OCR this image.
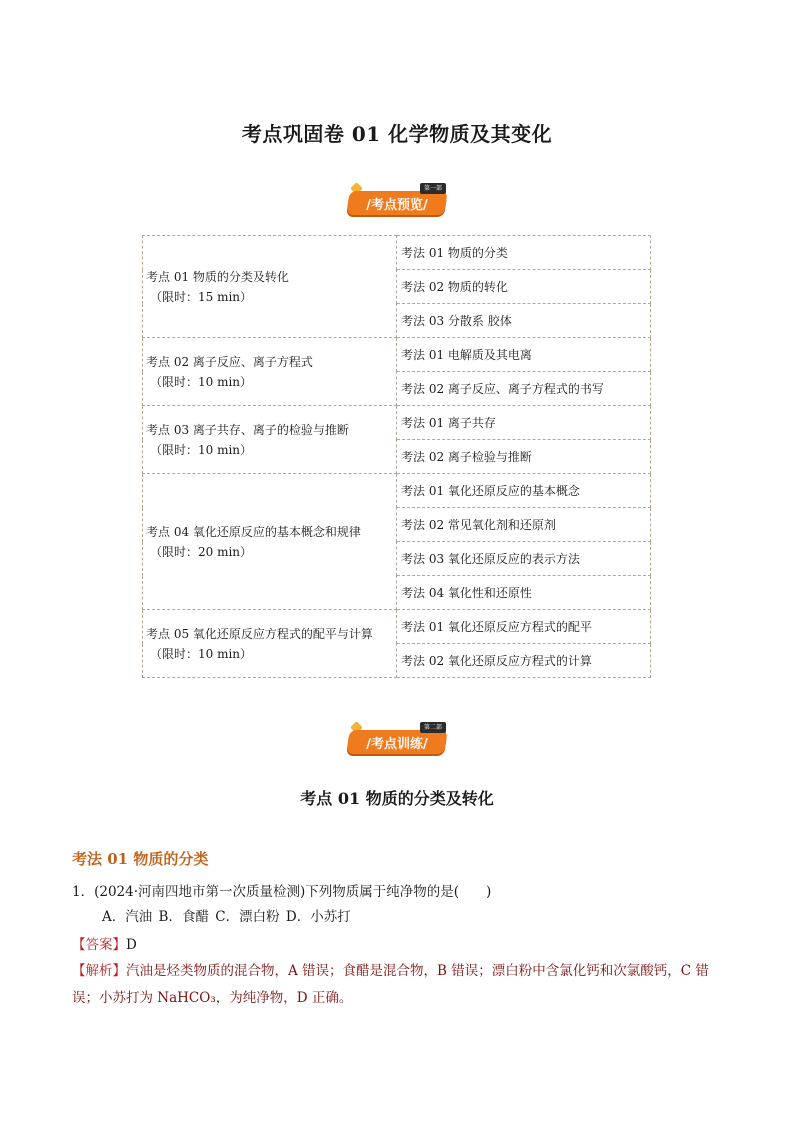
考点巩固卷 01 化学物质及其变化
/考点预览/
第一部
考点 01 物质的分类及转化
（限时：15 min）	考法 01 物质的分类
	考法 02 物质的转化
	考法 03 分散系 胶体

考点 02 离子反应、离子方程式
（限时：10 min）	考法 01 电解质及其电离
	考法 02 离子反应、离子方程式的书写

考点 03 离子共存、离子的检验与推断
（限时：10 min）	考法 01 离子共存
	考法 02 离子检验与推断

考点 04 氧化还原反应的基本概念和规律
（限时：20 min）	考法 01 氧化还原反应的基本概念
	考法 02 常见氧化剂和还原剂
	考法 03 氧化还原反应的表示方法
	考法 04 氧化性和还原性

考点 05 氧化还原反应方程式的配平与计算
（限时：10 min）	考法 01 氧化还原反应方程式的配平
	考法 02 氧化还原反应方程式的计算
/考点训练/
第二部
考点 01 物质的分类及转化
考法 01 物质的分类
1．(2024·河南四地市第一次质量检测)下列物质属于纯净物的是(　　)
A．汽油 B．食醋 C．漂白粉 D．小苏打
【答案】D
【解析】汽油是烃类物质的混合物，A 错误；食醋是混合物，B 错误；漂白粉中含氯化钙和次氯酸钙，C 错误；小苏打为 NaHCO₃，为纯净物，D 正确。
